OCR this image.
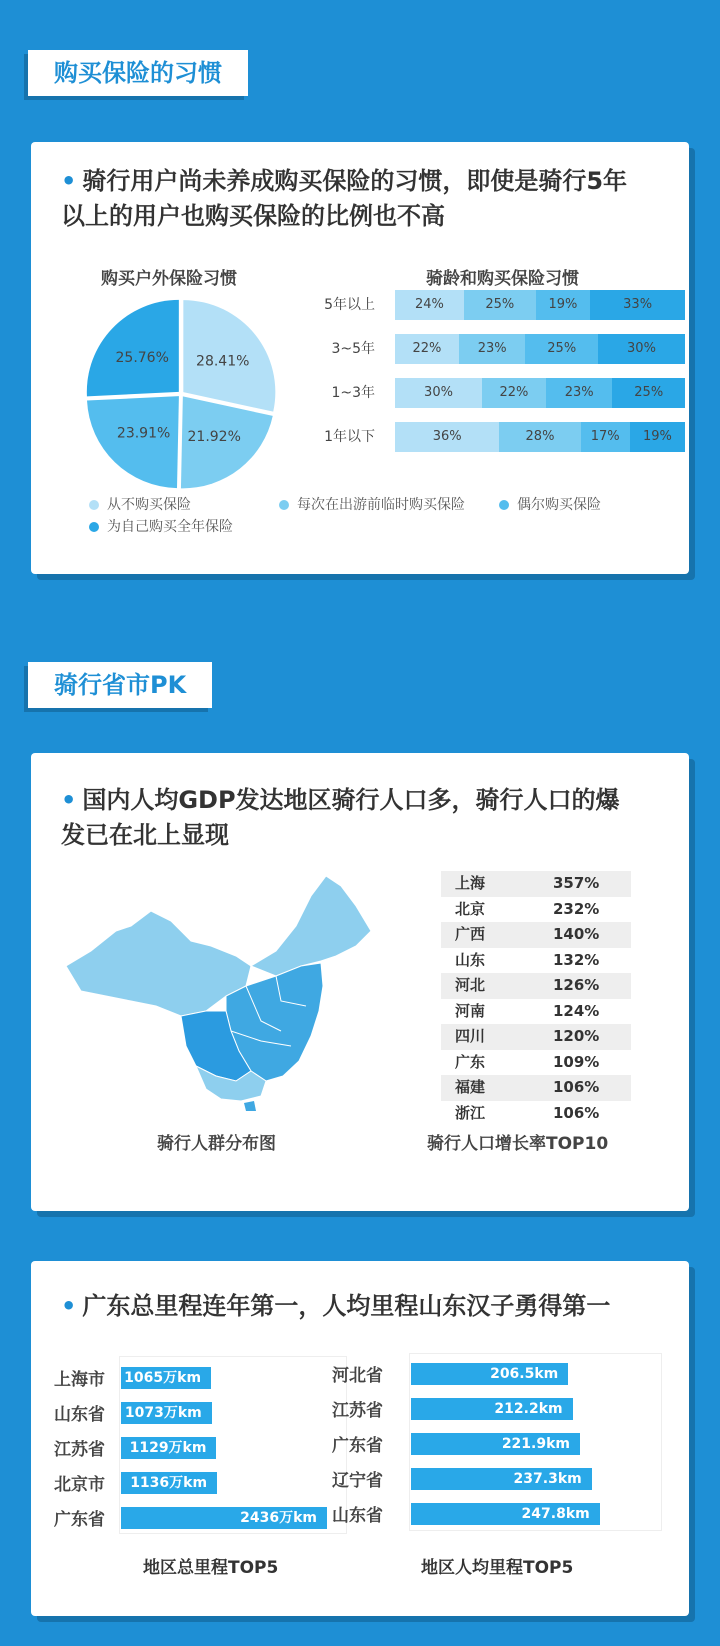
购买保险的习惯
• 骑行用户尚未养成购买保险的习惯，即使是骑行5年
以上的用户也购买保险的比例也不高
购买户外保险习惯
28.41%
21.92%
23.91%
25.76%
骑龄和购买保险习惯
5年以上	24%	25%	19%	33%
3~5年	22%	23%	25%	30%
1~3年	30%	22%	23%	25%
1年以下	36%	28%	17%	19%
从不购买保险	每次在出游前临时购买保险	偶尔购买保险
为自己购买全年保险
骑行省市PK
• 国内人均GDP发达地区骑行人口多，骑行人口的爆
发已在北上显现
上海	357%
北京	232%
广西	140%
山东	132%
河北	126%
河南	124%
四川	120%
广东	109%
福建	106%
浙江	106%
骑行人群分布图	骑行人口增长率TOP10
• 广东总里程连年第一，人均里程山东汉子勇得第一
上海市 1065万km
山东省 1073万km
江苏省	1129万km
北京市	1136万km
广东省	2436万km
地区总里程TOP5
河北省	206.5km
江苏省	212.2km
广东省	221.9km
辽宁省	237.3km
山东省	247.8km
地区人均里程TOP5
